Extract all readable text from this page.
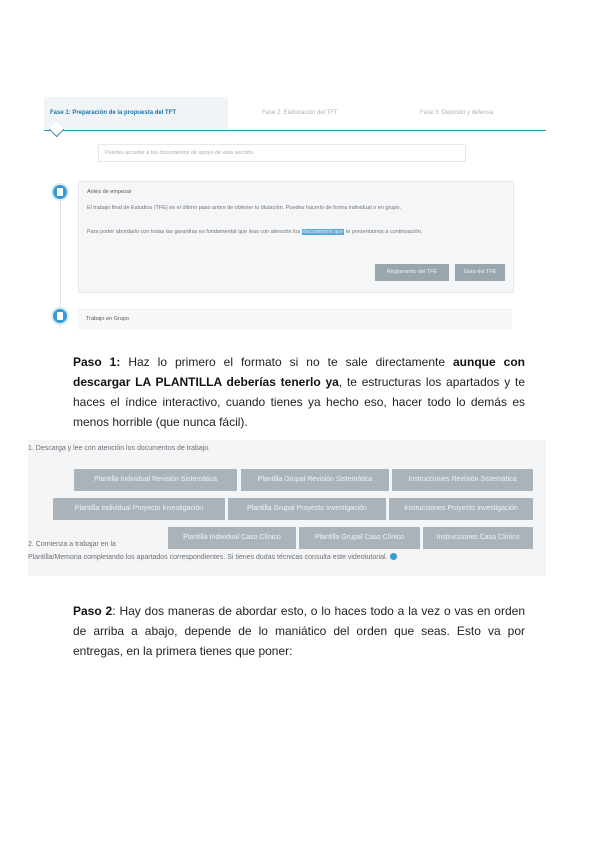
Fase 1: Preparación de la propuesta del TFT	Fase 2: Elaboración del TFT	Fase 3: Depósito y defensa
Puedes acceder a los documentos de apoyo de esta sección.
Antes de empezar
El trabajo final de Estudios (TFE) es el último paso antes de obtener tu titulación. Puedes hacerlo de forma individual o en grupo.
Para poder abordarlo con todas las garantías es fundamental que leas con atención los documentos que te presentamos a continuación.
Reglamento del TFE	Guía del TFE
Trabajo en Grupo
Paso 1: Haz lo primero el formato si no te sale directamente aunque con descargar LA PLANTILLA deberías tenerlo ya, te estructuras los apartados y te haces el índice interactivo, cuando tienes ya hecho eso, hacer todo lo demás es menos horrible (que nunca fácil).
1. Descarga y lee con atención los documentos de trabajo.
Plantilla Individual Revisión Sistemática	Plantilla Grupal Revisión Sistemática	Instrucciones Revisión Sistemática
Plantilla Individual Proyecto Investigación	Plantilla Grupal Proyecto Investigación	Instrucciones Proyecto Investigación
Plantilla Individual Caso Clínico	Plantilla Grupal Caso Clínico	Instrucciones Caso Clínico
2. Comienza a trabajar en la
Plantilla/Memoria completando los apartados correspondientes. Si tienes dudas técnicas consulta este videotutorial.
Paso 2: Hay dos maneras de abordar esto, o lo haces todo a la vez o vas en orden de arriba a abajo, depende de lo maniático del orden que seas. Esto va por entregas, en la primera tienes que poner:
